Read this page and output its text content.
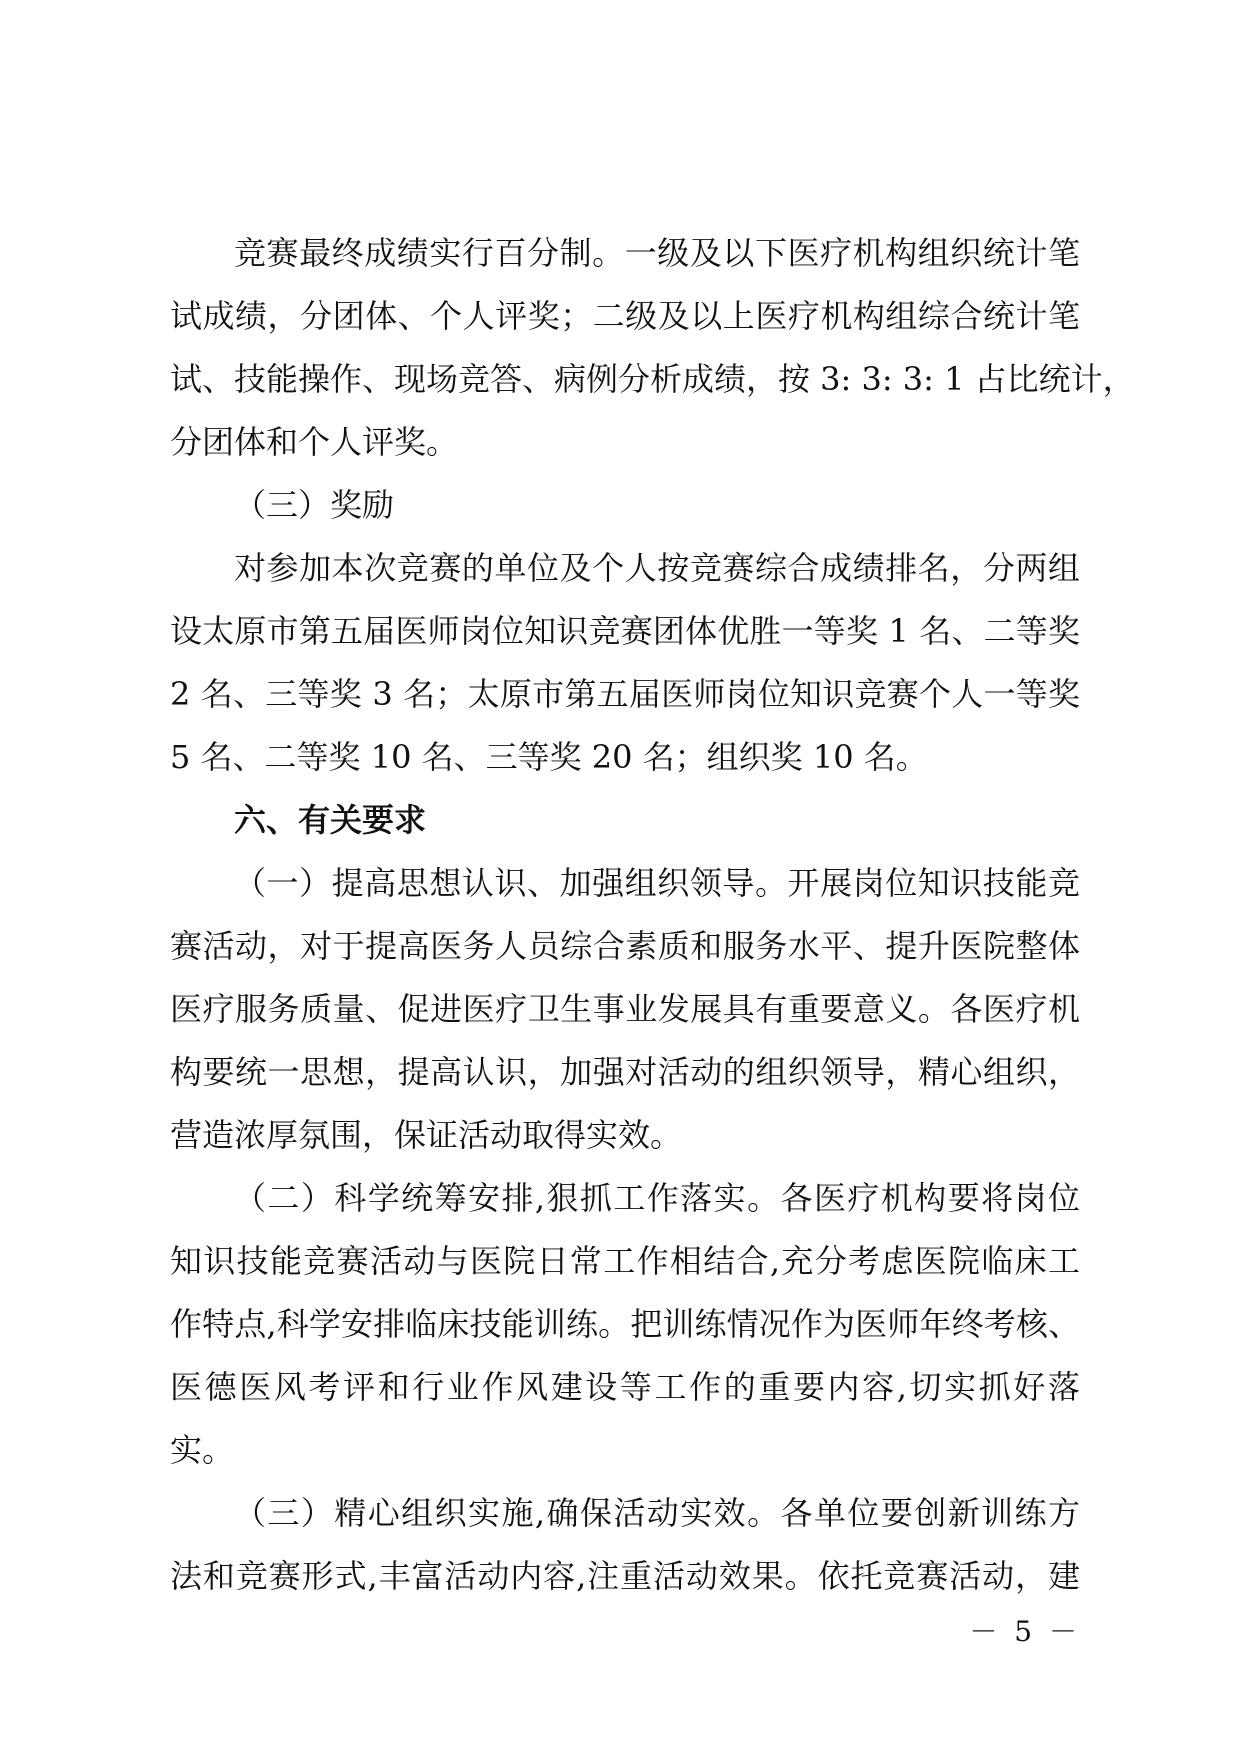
竞赛最终成绩实行百分制。一级及以下医疗机构组织统计笔
试成绩，分团体、个人评奖；二级及以上医疗机构组综合统计笔
试、技能操作、现场竞答、病例分析成绩，按 3: 3: 3: 1 占比统计，
分团体和个人评奖。
（三）奖励
对参加本次竞赛的单位及个人按竞赛综合成绩排名，分两组
设太原市第五届医师岗位知识竞赛团体优胜一等奖 1 名、二等奖
2 名、三等奖 3 名；太原市第五届医师岗位知识竞赛个人一等奖
5 名、二等奖 10 名、三等奖 20 名；组织奖 10 名。
六、有关要求
（一）提高思想认识、加强组织领导。开展岗位知识技能竞
赛活动，对于提高医务人员综合素质和服务水平、提升医院整体
医疗服务质量、促进医疗卫生事业发展具有重要意义。各医疗机
构要统一思想，提高认识，加强对活动的组织领导，精心组织，
营造浓厚氛围，保证活动取得实效。
（二）科学统筹安排,狠抓工作落实。各医疗机构要将岗位
知识技能竞赛活动与医院日常工作相结合,充分考虑医院临床工
作特点,科学安排临床技能训练。把训练情况作为医师年终考核、
医德医风考评和行业作风建设等工作的重要内容,切实抓好落
实。
（三）精心组织实施,确保活动实效。各单位要创新训练方
法和竞赛形式,丰富活动内容,注重活动效果。依托竞赛活动，建
－ 5 －
